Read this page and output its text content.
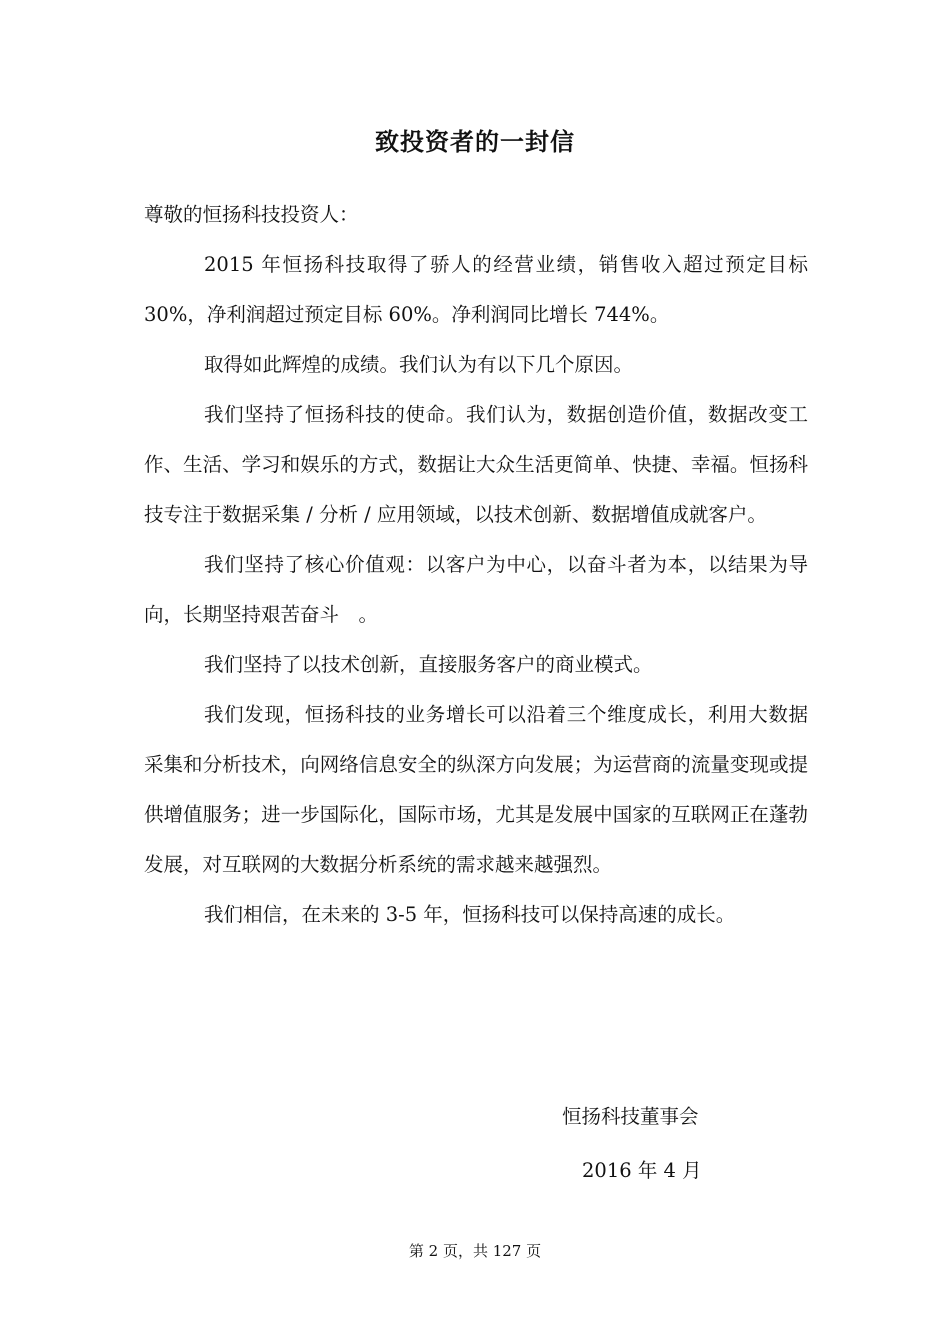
致投资者的一封信

尊敬的恒扬科技投资人：

2015 年恒扬科技取得了骄人的经营业绩，销售收入超过预定目标 30%，净利润超过预定目标 60%。净利润同比增长 744%。

取得如此辉煌的成绩。我们认为有以下几个原因。

我们坚持了恒扬科技的使命。我们认为，数据创造价值，数据改变工作、生活、学习和娱乐的方式，数据让大众生活更简单、快捷、幸福。恒扬科技专注于数据采集 / 分析 / 应用领域，以技术创新、数据增值成就客户。

我们坚持了核心价值观：以客户为中心，以奋斗者为本，以结果为导向，长期坚持艰苦奋斗　。

我们坚持了以技术创新，直接服务客户的商业模式。

我们发现，恒扬科技的业务增长可以沿着三个维度成长，利用大数据采集和分析技术，向网络信息安全的纵深方向发展；为运营商的流量变现或提供增值服务；进一步国际化，国际市场，尤其是发展中国家的互联网正在蓬勃发展，对互联网的大数据分析系统的需求越来越强烈。

我们相信，在未来的 3-5 年，恒扬科技可以保持高速的成长。

恒扬科技董事会
2016 年 4 月
第 2 页，共 127 页
